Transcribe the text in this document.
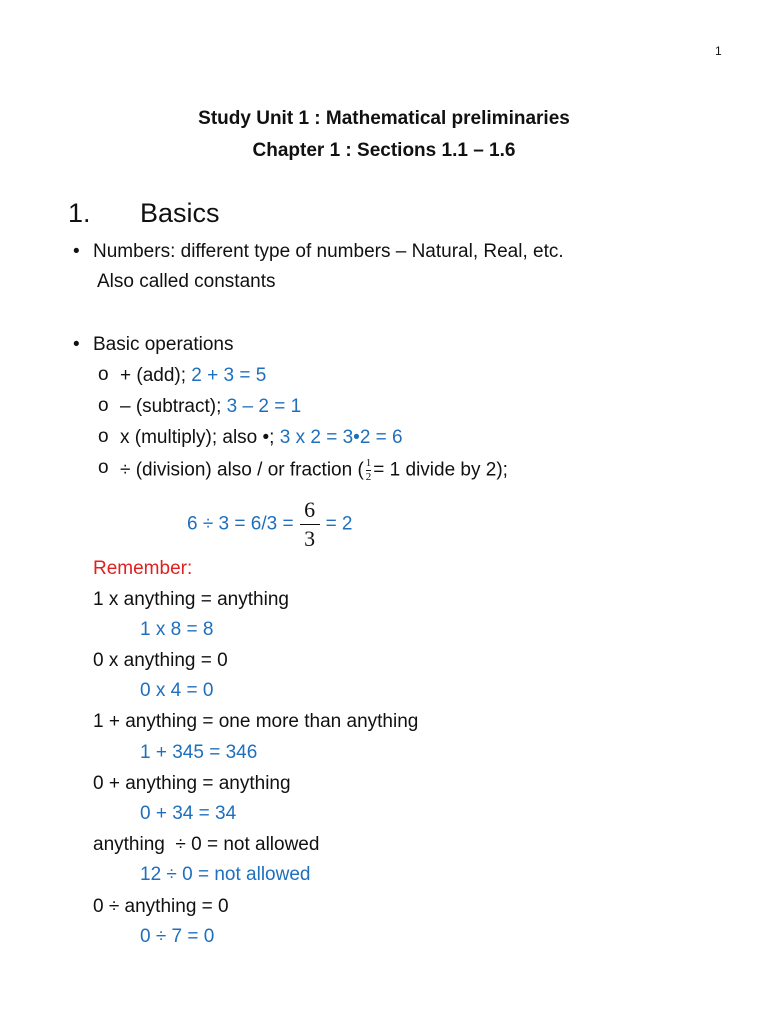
1
Study Unit 1 : Mathematical preliminaries
Chapter 1 : Sections 1.1 – 1.6
1. Basics
• Numbers: different type of numbers – Natural, Real, etc.
Also called constants
• Basic operations
o + (add); 2 + 3 = 5
o – (subtract); 3 – 2 = 1
o x (multiply); also •; 3 x 2 = 3•2 = 6
o ÷ (division) also / or fraction ( $\frac{1}{2} = 1$ divide by 2);
$6 \div 3 = 6/3 = \frac{6}{3} = 2$
Remember:
1 x anything = anything
1 x 8 = 8
0 x anything = 0
0 x 4 = 0
1 + anything = one more than anything
1 + 345 = 346
0 + anything = anything
0 + 34 = 34
anything  ÷ 0 = not allowed
12 ÷ 0 = not allowed
0 ÷ anything = 0
0 ÷ 7 = 0
